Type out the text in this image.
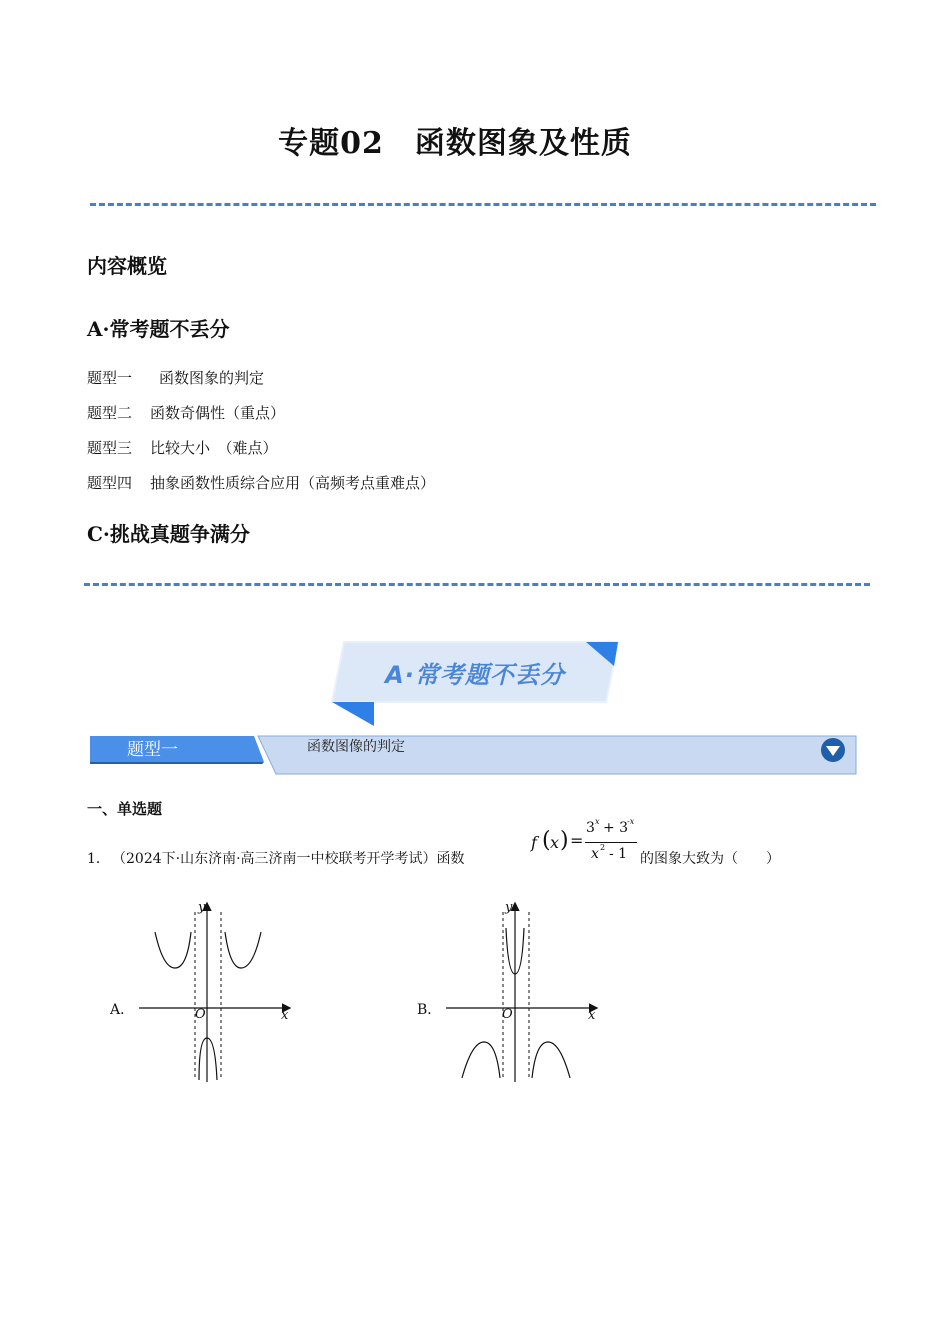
专题02　函数图象及性质
内容概览
A·常考题不丢分
题型一 函数图象的判定
题型二 函数奇偶性（重点）
题型三 比较大小　（难点）
题型四 抽象函数性质综合应用（高频考点重难点）
C·挑战真题争满分
A·常考题不丢分
题型一	函数图像的判定
一、单选题
1． （2024下·山东济南·高三济南一中校联考开学考试）函数
f ( x ) =
3 x + 3
-x
x 2 - 1 的图象大致为（　　）
A．
y
x
O	B．
y
x
O
